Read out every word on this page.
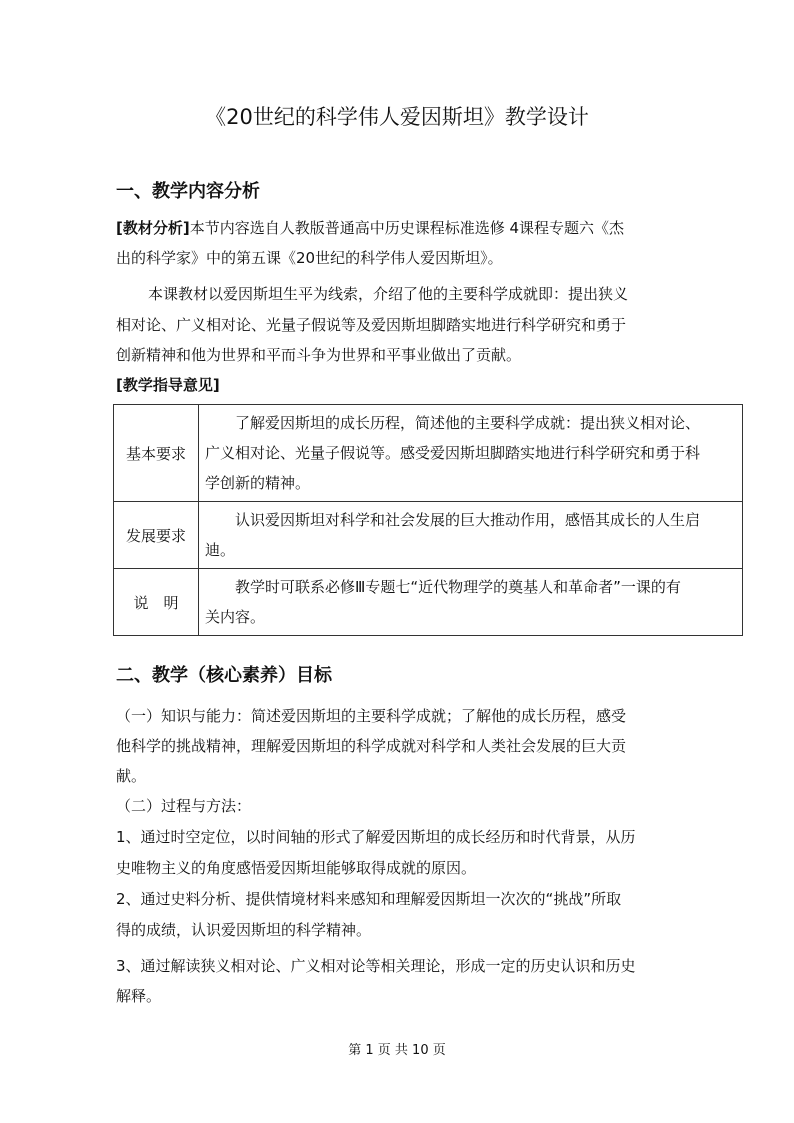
《20世纪的科学伟人爱因斯坦》教学设计
一、教学内容分析
[教材分析]本节内容选自人教版普通高中历史课程标准选修 4课程专题六《杰
出的科学家》中的第五课《20世纪的科学伟人爱因斯坦》。
本课教材以爱因斯坦生平为线索，介绍了他的主要科学成就即：提出狭义
相对论、广义相对论、光量子假说等及爱因斯坦脚踏实地进行科学研究和勇于
创新精神和他为世界和平而斗争为世界和平事业做出了贡献。
[教学指导意见]
基本要求	了解爱因斯坦的成长历程，简述他的主要科学成就：提出狭义相对论、
广义相对论、光量子假说等。感受爱因斯坦脚踏实地进行科学研究和勇于科
学创新的精神。

发展要求	认识爱因斯坦对科学和社会发展的巨大推动作用，感悟其成长的人生启
迪。

说　明	教学时可联系必修Ⅲ专题七“近代物理学的奠基人和革命者”一课的有
关内容。
二、教学（核心素养）目标
（一）知识与能力：简述爱因斯坦的主要科学成就；了解他的成长历程，感受
他科学的挑战精神，理解爱因斯坦的科学成就对科学和人类社会发展的巨大贡
献。
（二）过程与方法：
1、通过时空定位，以时间轴的形式了解爱因斯坦的成长经历和时代背景，从历
史唯物主义的角度感悟爱因斯坦能够取得成就的原因。
2、通过史料分析、提供情境材料来感知和理解爱因斯坦一次次的“挑战”所取
得的成绩，认识爱因斯坦的科学精神。
3、通过解读狭义相对论、广义相对论等相关理论，形成一定的历史认识和历史
解释。
第 1 页 共 10 页
